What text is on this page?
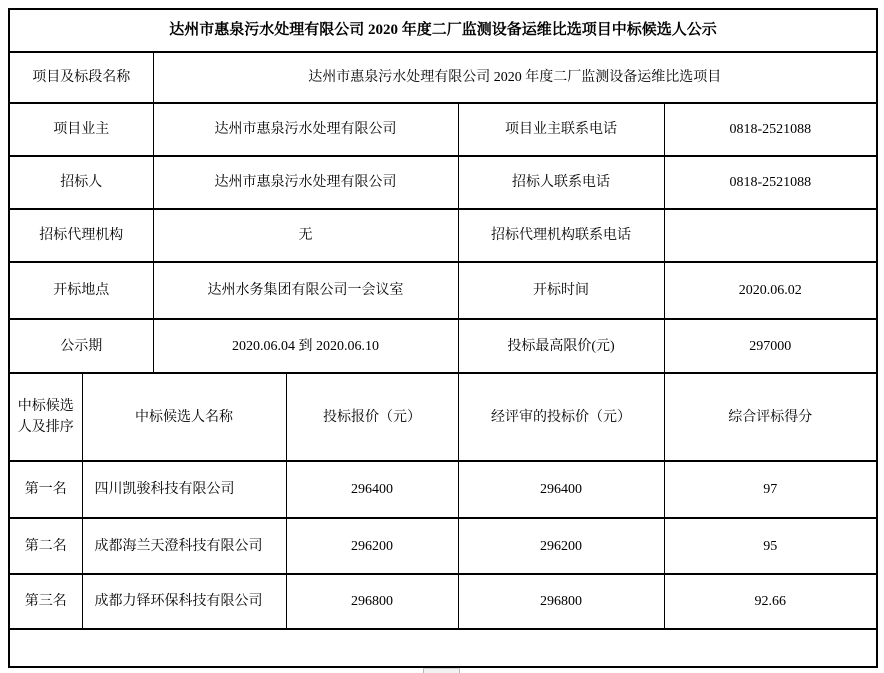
达州市惠泉污水处理有限公司 2020 年度二厂监测设备运维比选项目中标候选人公示					
项目及标段名称		达州市惠泉污水处理有限公司 2020 年度二厂监测设备运维比选项目			
项目业主		达州市惠泉污水处理有限公司		项目业主联系电话	0818-2521088
招标人		达州市惠泉污水处理有限公司		招标人联系电话	0818-2521088
招标代理机构		无		招标代理机构联系电话	
开标地点		达州水务集团有限公司一会议室		开标时间	2020.06.02
公示期		2020.06.04 到 2020.06.10		投标最高限价(元)	297000
中标候选人及排序	中标候选人名称		投标报价（元）	经评审的投标价（元）	综合评标得分
第一名	四川凯骏科技有限公司		296400	296400	97
第二名	成都海兰天澄科技有限公司		296200	296200	95
第三名	成都力铎环保科技有限公司		296800	296800	92.66
